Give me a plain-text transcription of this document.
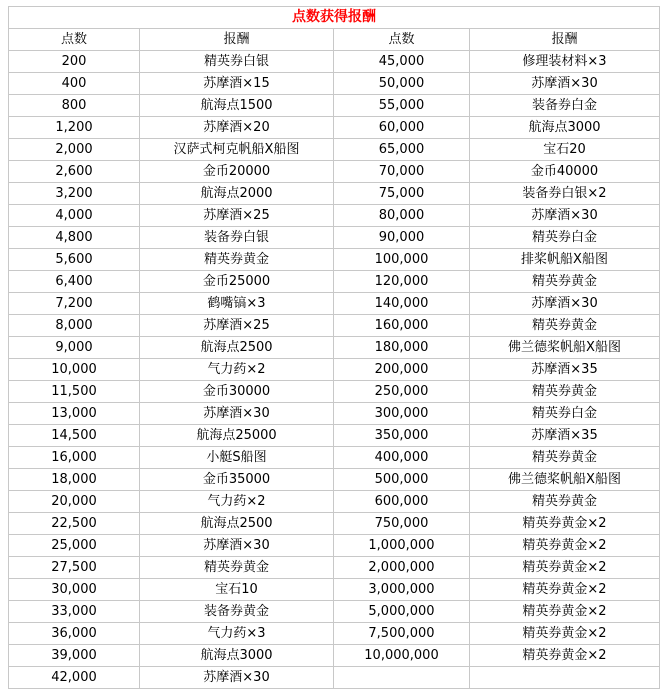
点数获得报酬			
点数	报酬	点数	报酬
200	精英券白银	45,000	修理装材料×3
400	苏摩酒×15	50,000	苏摩酒×30
800	航海点1500	55,000	装备券白金
1,200	苏摩酒×20	60,000	航海点3000
2,000	汉萨式柯克帆船X船图	65,000	宝石20
2,600	金币20000	70,000	金币40000
3,200	航海点2000	75,000	装备券白银×2
4,000	苏摩酒×25	80,000	苏摩酒×30
4,800	装备券白银	90,000	精英券白金
5,600	精英券黄金	100,000	排桨帆船X船图
6,400	金币25000	120,000	精英券黄金
7,200	鹤嘴镐×3	140,000	苏摩酒×30
8,000	苏摩酒×25	160,000	精英券黄金
9,000	航海点2500	180,000	佛兰德桨帆船X船图
10,000	气力药×2	200,000	苏摩酒×35
11,500	金币30000	250,000	精英券黄金
13,000	苏摩酒×30	300,000	精英券白金
14,500	航海点25000	350,000	苏摩酒×35
16,000	小艇S船图	400,000	精英券黄金
18,000	金币35000	500,000	佛兰德桨帆船X船图
20,000	气力药×2	600,000	精英券黄金
22,500	航海点2500	750,000	精英券黄金×2
25,000	苏摩酒×30	1,000,000	精英券黄金×2
27,500	精英券黄金	2,000,000	精英券黄金×2
30,000	宝石10	3,000,000	精英券黄金×2
33,000	装备券黄金	5,000,000	精英券黄金×2
36,000	气力药×3	7,500,000	精英券黄金×2
39,000	航海点3000	10,000,000	精英券黄金×2
42,000	苏摩酒×30		
